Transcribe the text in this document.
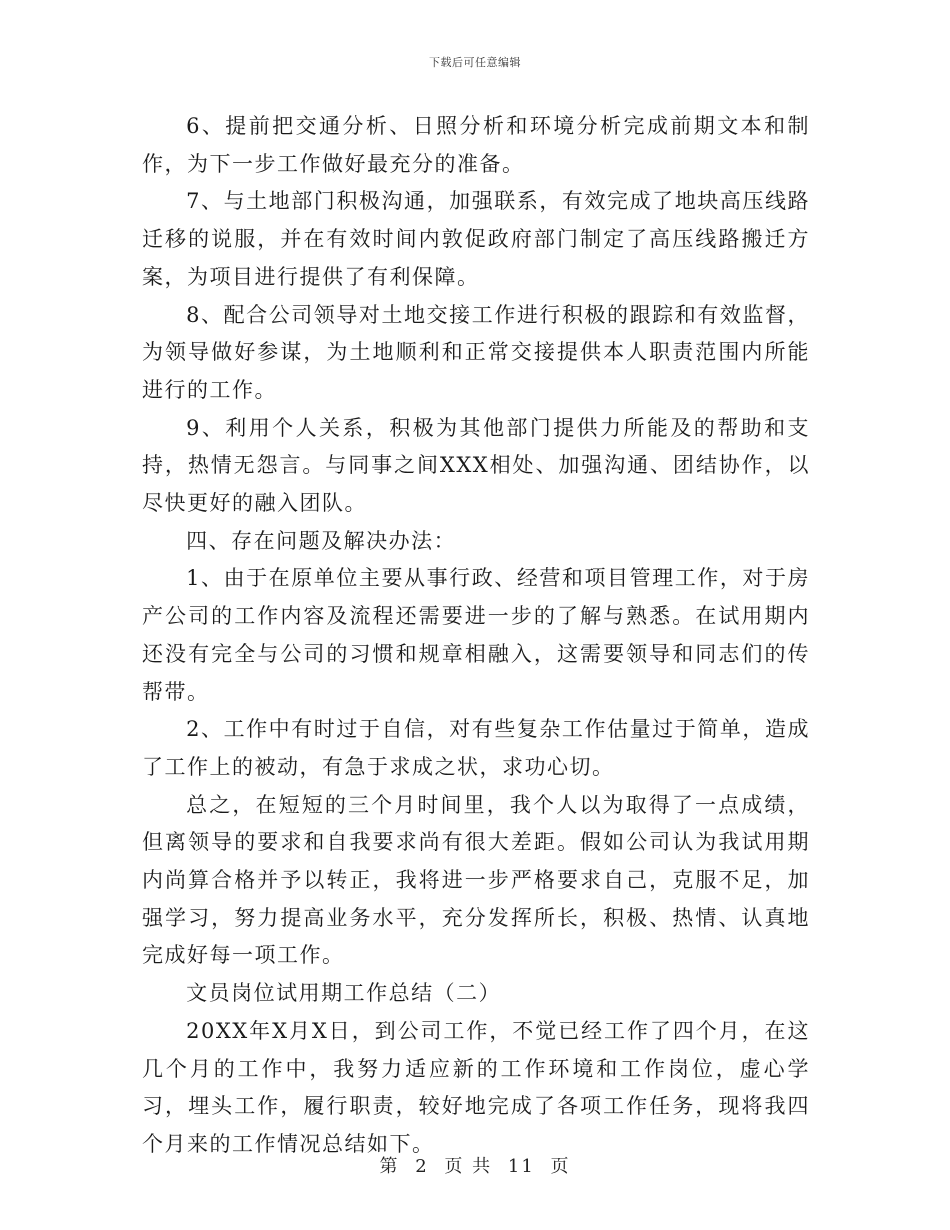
下载后可任意编辑

6、提前把交通分析、日照分析和环境分析完成前期文本和制作，为下一步工作做好最充分的准备。

7、与土地部门积极沟通，加强联系，有效完成了地块高压线路迁移的说服，并在有效时间内敦促政府部门制定了高压线路搬迁方案，为项目进行提供了有利保障。

8、配合公司领导对土地交接工作进行积极的跟踪和有效监督，为领导做好参谋，为土地顺利和正常交接提供本人职责范围内所能进行的工作。

9、利用个人关系，积极为其他部门提供力所能及的帮助和支持，热情无怨言。与同事之间XXX相处、加强沟通、团结协作，以尽快更好的融入团队。

四、存在问题及解决办法：

1、由于在原单位主要从事行政、经营和项目管理工作，对于房产公司的工作内容及流程还需要进一步的了解与熟悉。在试用期内还没有完全与公司的习惯和规章相融入，这需要领导和同志们的传帮带。

2、工作中有时过于自信，对有些复杂工作估量过于简单，造成了工作上的被动，有急于求成之状，求功心切。

总之，在短短的三个月时间里，我个人以为取得了一点成绩，但离领导的要求和自我要求尚有很大差距。假如公司认为我试用期内尚算合格并予以转正，我将进一步严格要求自己，克服不足，加强学习，努力提高业务水平，充分发挥所长，积极、热情、认真地完成好每一项工作。

文员岗位试用期工作总结（二）

20XX年X月X日，到公司工作，不觉已经工作了四个月，在这几个月的工作中，我努力适应新的工作环境和工作岗位，虚心学习，埋头工作，履行职责，较好地完成了各项工作任务，现将我四个月来的工作情况总结如下。

第 2 页 共 11 页
